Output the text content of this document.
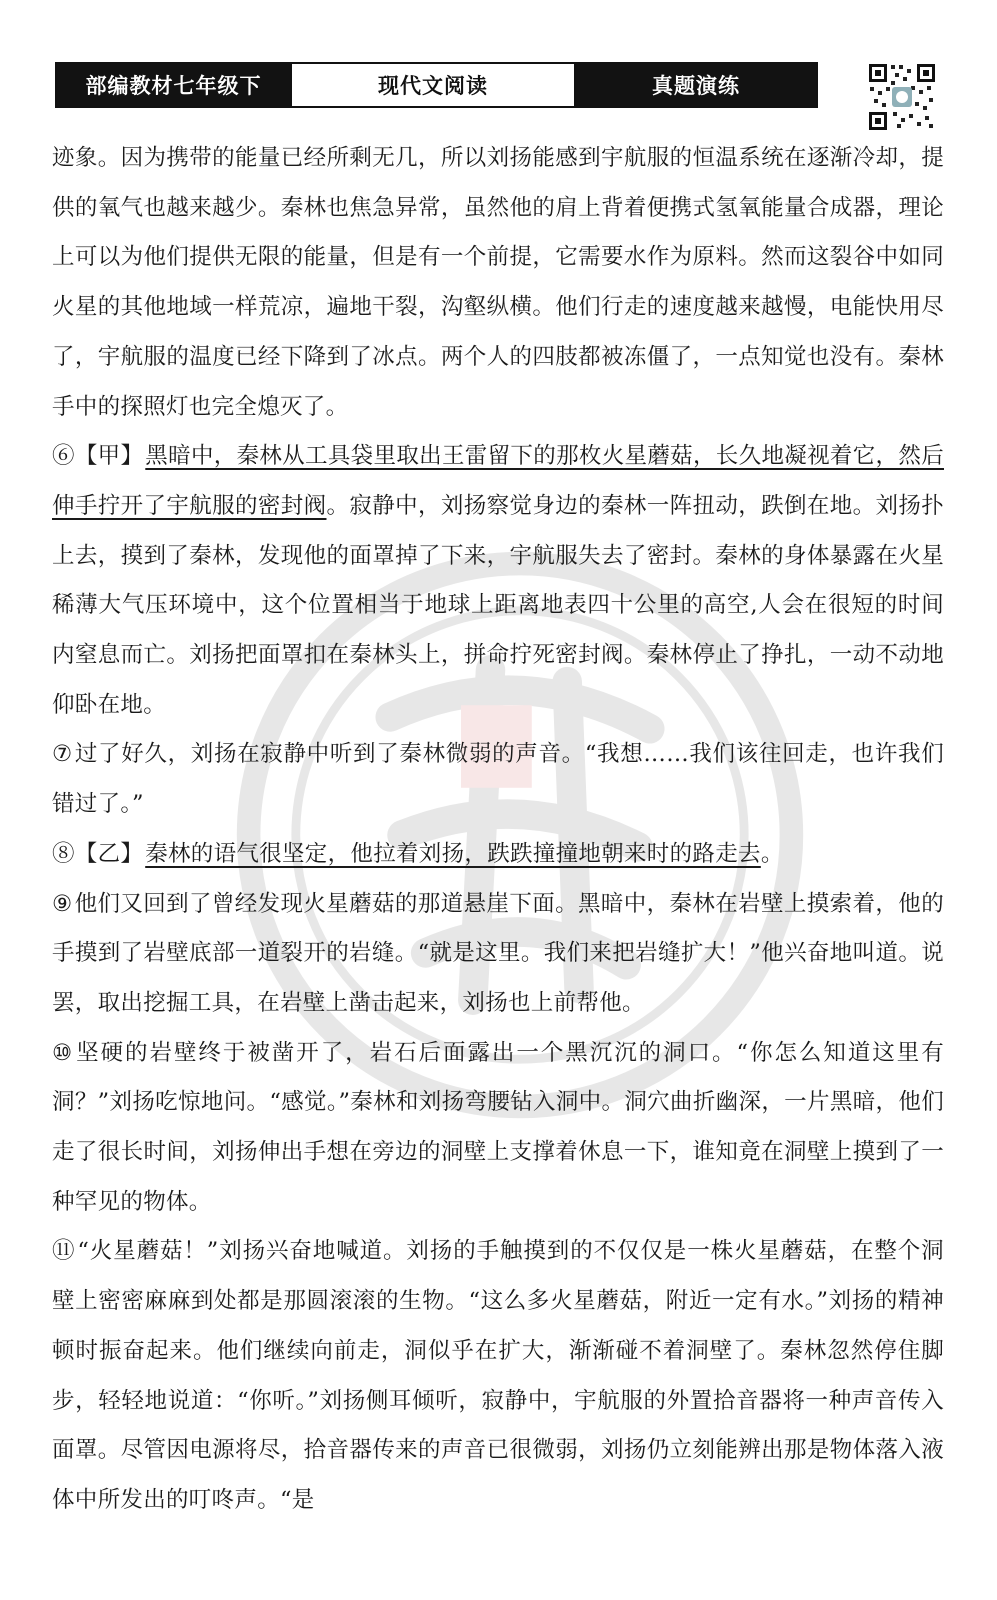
部编教材七年级下	现代文阅读	真题演练

迹象。因为携带的能量已经所剩无几，所以刘扬能感到宇航服的恒温系统在逐渐冷却，提供的氧气也越来越少。秦林也焦急异常，虽然他的肩上背着便携式氢氧能量合成器，理论上可以为他们提供无限的能量，但是有一个前提，它需要水作为原料。然而这裂谷中如同火星的其他地域一样荒凉，遍地干裂，沟壑纵横。他们行走的速度越来越慢，电能快用尽了，宇航服的温度已经下降到了冰点。两个人的四肢都被冻僵了，一点知觉也没有。秦林手中的探照灯也完全熄灭了。

⑥【甲】黑暗中，秦林从工具袋里取出王雷留下的那枚火星蘑菇，长久地凝视着它，然后伸手拧开了宇航服的密封阀。寂静中，刘扬察觉身边的秦林一阵扭动，跌倒在地。刘扬扑上去，摸到了秦林，发现他的面罩掉了下来，宇航服失去了密封。秦林的身体暴露在火星稀薄大气压环境中，这个位置相当于地球上距离地表四十公里的高空,人会在很短的时间内窒息而亡。刘扬把面罩扣在秦林头上，拼命拧死密封阀。秦林停止了挣扎，一动不动地仰卧在地。

⑦过了好久，刘扬在寂静中听到了秦林微弱的声音。“我想……我们该往回走，也许我们错过了。”

⑧【乙】秦林的语气很坚定，他拉着刘扬，跌跌撞撞地朝来时的路走去。

⑨他们又回到了曾经发现火星蘑菇的那道悬崖下面。黑暗中，秦林在岩壁上摸索着，他的手摸到了岩壁底部一道裂开的岩缝。“就是这里。我们来把岩缝扩大！”他兴奋地叫道。说罢，取出挖掘工具，在岩壁上凿击起来，刘扬也上前帮他。

⑩坚硬的岩壁终于被凿开了，岩石后面露出一个黑沉沉的洞口。“你怎么知道这里有洞？”刘扬吃惊地问。“感觉。”秦林和刘扬弯腰钻入洞中。洞穴曲折幽深，一片黑暗，他们走了很长时间，刘扬伸出手想在旁边的洞壁上支撑着休息一下，谁知竟在洞壁上摸到了一种罕见的物体。

⑪“火星蘑菇！”刘扬兴奋地喊道。刘扬的手触摸到的不仅仅是一株火星蘑菇，在整个洞壁上密密麻麻到处都是那圆滚滚的生物。“这么多火星蘑菇，附近一定有水。”刘扬的精神顿时振奋起来。他们继续向前走，洞似乎在扩大，渐渐碰不着洞壁了。秦林忽然停住脚步，轻轻地说道：“你听。”刘扬侧耳倾听，寂静中，宇航服的外置拾音器将一种声音传入面罩。尽管因电源将尽，拾音器传来的声音已很微弱，刘扬仍立刻能辨出那是物体落入液体中所发出的叮咚声。“是
